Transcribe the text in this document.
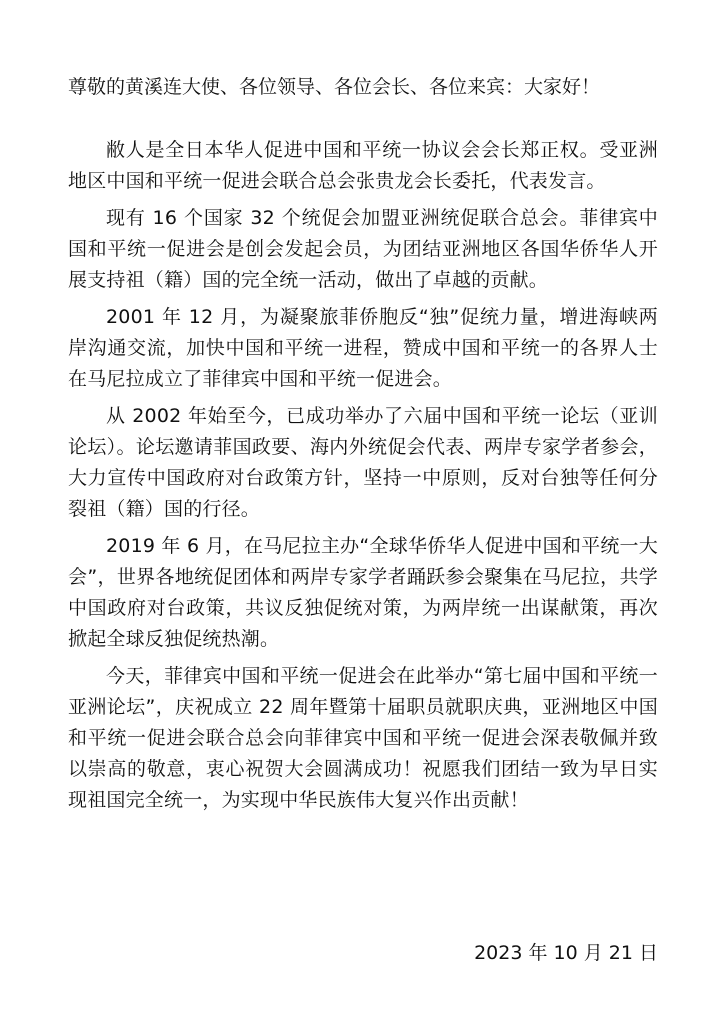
尊敬的黄溪连大使、各位领导、各位会长、各位来宾：大家好！

敝人是全日本华人促进中国和平统一协议会会长郑正权。受亚洲地区中国和平统一促进会联合总会张贵龙会长委托，代表发言。

现有 16 个国家 32 个统促会加盟亚洲统促联合总会。菲律宾中国和平统一促进会是创会发起会员，为团结亚洲地区各国华侨华人开展支持祖（籍）国的完全统一活动，做出了卓越的贡献。

2001 年 12 月，为凝聚旅菲侨胞反“独”促统力量，增进海峡两岸沟通交流，加快中国和平统一进程，赞成中国和平统一的各界人士在马尼拉成立了菲律宾中国和平统一促进会。

从 2002 年始至今，已成功举办了六届中国和平统一论坛（亚训论坛）。论坛邀请菲国政要、海内外统促会代表、两岸专家学者参会，大力宣传中国政府对台政策方针，坚持一中原则，反对台独等任何分裂祖（籍）国的行径。

2019 年 6 月，在马尼拉主办“全球华侨华人促进中国和平统一大会”，世界各地统促团体和两岸专家学者踊跃参会聚集在马尼拉，共学中国政府对台政策，共议反独促统对策，为两岸统一出谋献策，再次掀起全球反独促统热潮。

今天，菲律宾中国和平统一促进会在此举办“第七届中国和平统一亚洲论坛”，庆祝成立 22 周年暨第十届职员就职庆典，亚洲地区中国和平统一促进会联合总会向菲律宾中国和平统一促进会深表敬佩并致以崇高的敬意，衷心祝贺大会圆满成功！祝愿我们团结一致为早日实现祖国完全统一，为实现中华民族伟大复兴作出贡献！

2023 年 10 月 21 日
